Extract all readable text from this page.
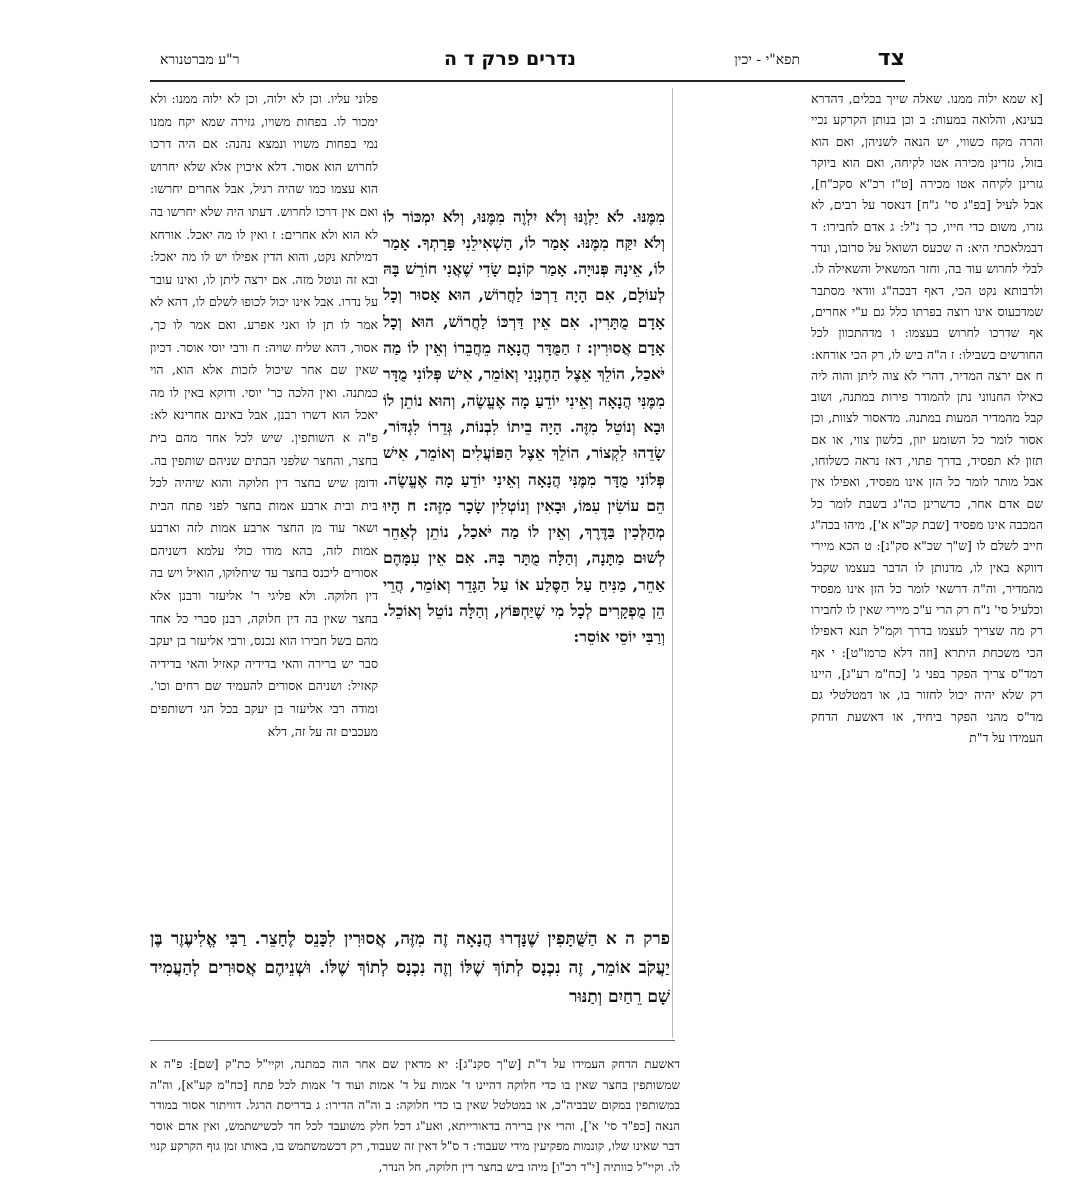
צד
תפא"י - יכין
נדרים פרק ד ה
ר"ע מברטנורא

[א שמא ילוה ממנו. שאלה שייך בכלים, דהדרא בעינא, והלואה במעות: ב וכן בנותן הקרקע נכיי והרה מקח כשווי, יש הנאה לשניהן, ואם הוא בזול, גזרינן מכירה אטו לקיחה, ואם הוא ביוקר גזרינן לקיחה אטו מכירה [ט"ז רכ"א סקכ"ח], אבל לעיל [בפ"ג סי' ג"ח] דנאסר על רבים, לא גזרו, משום כדי חייו, כך נ"ל: ג אדם לחבירו: ד דבמלאכתי היא: ה שכעס השואל על סרובו, ונדר לבלי לחרוש עוד בה, וחזר המשאיל והשאילה לו. ולרבותא נקט הכי, דאף דבכה"ג וודאי מסתבר שמדכעוס אינו רוצה בפרתו כלל גם ע"י אחרים, אף שדרכו לחרוש בעצמו: ו מדהתכוון לכל החורשים בשבילו: ז ה"ה ביש לו, רק הכי אורחא: ח אם ירצה המדיר, דהרי לא צוה ליתן והוה ליה כאילו החנווני נתן להמודר פירות במתנה, ושוב קבל מהמדיר המעות במתנה. מדאסור לצוות, וכן אסור לומר כל השומע יזון, בלשון צווי, או אם תזון לא תפסיד, בדרך פתוי, דאז נראה כשלוחו, אבל מותר לומר כל הזן אינו מפסיד, ואפילו אין שם אדם אחר, כדשרינן כה"ג בשבת לומר כל המכבה אינו מפסיד [שבת קכ"א א'], מיהו בכה"ג חייב לשלם לו [ש"ך שכ"א סק"נ]: ט הכא מיירי דווקא באין לו, מדנותן לו הדבר בעצמו שקבל מהמדיר, וה"ה דרשאי לומר כל הזן אינו מפסיד וכלעיל סי' נ"ח רק הרי ע"כ מיירי שאין לו לחבירו רק מה שצריך לעצמו בדרך וקמ"ל תנא דאפילו הכי משכחת היתרא [וזה דלא כרמו"ט]: י אף דמד"ס צריך הפקר בפני ג' [כח"מ רע"ג], היינו רק שלא יהיה יכול לחזור בו, או דמטלטלי גם מד"ס מהני הפקר ביחיד, או דאשעת הדחק העמידו על ד"ת

פלוני עליו. וכן לא ילוה, וכן לא ילוה ממנו: ולא ימכור לו. בפחות משויו, גזירה שמא יקח ממנו נמי בפחות משויו ונמצא נהנה: אם היה דרכו לחרוש הוא אסור. דלא איכוין אלא שלא יחרוש הוא עצמו כמו שהיה רגיל, אבל אחרים יחרשו: ואם אין דרכו לחרוש. דעתו היה שלא יחרשו בה לא הוא ולא אחרים: ז ואין לו מה יאכל. אורחא דמילתא נקט, והוא הדין אפילו יש לו מה יאכל: ובא זה ונוטל מזה. אם ירצה ליתן לו, ואינו עובר על נדרו. אבל אינו יכול לכופו לשלם לו, דהא לא אמר לו תן לו ואני אפרע. ואם אמר לו כך, אסור, דהא שליח שויה: ח ורבי יוסי אוסר. דכיון שאין שם אחר שיכול לזכות אלא הוא, הוי כמתנה. ואין הלכה כר' יוסי. ודוקא באין לו מה יאכל הוא דשרו רבנן, אבל באינם אחרינא לא: פ"ה א השותפין. שיש לכל אחד מהם בית בחצר, והחצר שלפני הבתים שניהם שותפין בה. ודומן שיש בחצר דין חלוקה והוא שיהיה לכל בית ובית ארבע אמות בחצר לפני פתח הבית ושאר עוד מן החצר ארבע אמות לזה וארבע אמות לזה, בהא מודו כולי עלמא דשניהם אסורים ליכנס בחצר עד שיחלוקו, הואיל ויש בה דין חלוקה. ולא פליגי ר' אליעזר ורבנן אלא בחצר שאין בה דין חלוקה, רבנן סברי כל אחד מהם בשל חבירו הוא נכנס, ורבי אליעזר בן יעקב סבר יש ברירה והאי בדידיה קאזיל והאי בדידיה קאזיל: ושניהם אסורים להעמיד שם רחים וכו'. ומודה רבי אליעזר בן יעקב בכל הני דשותפים מעכבים זה על זה, דלא

מִמֶּנּוּ. לֹא יַלְוֶנּוּ וְלֹא יִלְוֶה מִמֶּנּוּ, וְלֹא יִמְכּוֹר לוֹ וְלֹא יִקַּח מִמֶּנּוּ. אָמַר לוֹ, הַשְׁאִילֵנִי פָּרָתְךָ. אָמַר לוֹ, אֵינָהּ פְּנוּיָה. אָמַר קוֹנָם שָׂדִי שֶׁאֲנִי חוֹרֵשׁ בָּהּ לְעוֹלָם, אִם הָיָה דַרְכּוֹ לַחֲרוֹשׁ, הוּא אָסוּר וְכָל אָדָם מֻתָּרִין. אִם אֵין דַּרְכּוֹ לַחֲרוֹשׁ, הוּא וְכָל אָדָם אֲסוּרִין: ז הַמֻּדָּר הֲנָאָה מֵחֲבֵרוֹ וְאֵין לוֹ מַה יֹּאכַל, הוֹלֵךְ אֵצֶל הַחֶנְוָנִי וְאוֹמֵר, אִישׁ פְּלוֹנִי מֻדָּר מִמֶּנִּי הֲנָאָה וְאֵינִי יוֹדֵעַ מָה אֶעֱשֶׂה, וְהוּא נוֹתֵן לוֹ וּבָא וְנוֹטֵל מִזֶּה. הָיָה בֵיתוֹ לִבְנוֹת, גְּדֵרוֹ לִגְדּוֹר, שָׂדֵהוּ לִקְצוֹר, הוֹלֵךְ אֵצֶל הַפּוֹעֲלִים וְאוֹמֵר, אִישׁ פְּלוֹנִי מֻדָּר מִמֶּנִּי הֲנָאָה וְאֵינִי יוֹדֵעַ מָה אֶעֱשֶׂה. הֵם עוֹשִׂין עִמּוֹ, וּבָאִין וְנוֹטְלִין שָׂכָר מִזֶּה: ח הָיוּ מְהַלְּכִין בַּדֶּרֶךְ, וְאֵין לוֹ מַה יֹּאכַל, נוֹתֵן לְאַחֵר לְשׁוּם מַתָּנָה, וְהַלָּה מֻתָּר בָּהּ. אִם אֵין עִמָּהֶם אַחֵר, מַנִּיחַ עַל הַסֶּלַע אוֹ עַל הַגָּדֵר וְאוֹמֵר, הֲרֵי הֵן מֻפְקָרִים לְכָל מִי שֶׁיַּחְפּוֹץ, וְהַלָּה נוֹטֵל וְאוֹכֵל. וְרַבִּי יוֹסֵי אוֹסֵר:

פרק ה א הַשֻּׁתָּפִין שֶׁנָּדְרוּ הֲנָאָה זֶה מִזֶּה, אֲסוּרִין לִכָּנֵס לֶחָצֵר. רַבִּי אֱלִיעֶזֶר בֶּן יַעֲקֹב אוֹמֵר, זֶה נִכְנָס לְתוֹךְ שֶׁלּוֹ וְזֶה נִכְנָס לְתוֹךְ שֶׁלּוֹ. וּשְׁנֵיהֶם אֲסוּרִים לְהַעֲמִיד שָׁם רֵחַיִם וְתַנּוּר

דאשעת הדחק העמידו על ד"ת [ש"ך סקנ"ג]: יא מדאין שם אחר הוה כמתנה, וקיי"ל כת"ק [שם]: פ"ה א שמשותפין בחצר שאין בו כדי חלוקה דהיינו ד' אמות על ד' אמות ועוד ד' אמות לכל פתח [כח"מ קע"א], וה"ה במשותפין במקום שבביה"כ, או במטלטל שאין בו כדי חלוקה: ב וה"ה הדירו: ג בדריסת הרגל. דוויתור אסור במודר הנאה [כפ"ד סי' א'], והרי אין ברירה בדאורייתא, ואע"ג דכל חלק משועבד לכל חד לכשישתמש, ואין אדם אוסר דבר שאינו שלו, קונמות מפקיעין מידי שעבוד: ד ס"ל דאין זה שעבוד, רק דכשמשתמש בו, באותו זמן גוף הקרקע קנוי לו. וקיי"ל כוותיה [י"ד רכ"ו] מיהו ביש בחצר דין חלוקה, חל הנדר,
